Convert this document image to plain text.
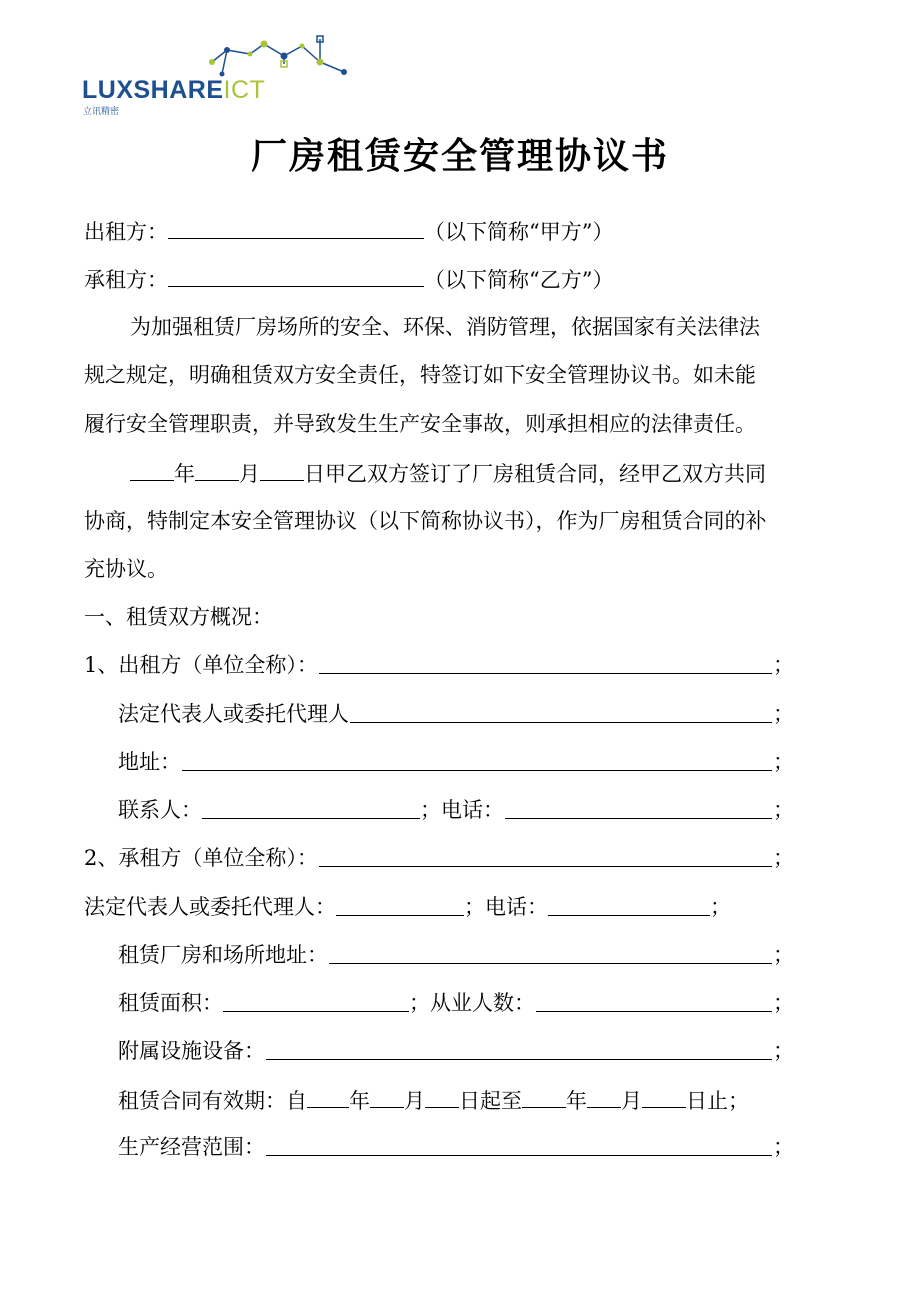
LUXSHAREICT
立讯精密
厂房租赁安全管理协议书
出租方：	（以下简称“甲方”）
承租方：	（以下简称“乙方”）
为加强租赁厂房场所的安全、环保、消防管理，依据国家有关法律法
规之规定，明确租赁双方安全责任，特签订如下安全管理协议书。如未能
履行安全管理职责，并导致发生生产安全事故，则承担相应的法律责任。
年 月 日甲乙双方签订了厂房租赁合同，经甲乙双方共同
协商，特制定本安全管理协议（以下简称协议书），作为厂房租赁合同的补
充协议。
一、租赁双方概况：
1、出租方（单位全称）：	；
法定代表人或委托代理人	；
地址：	；
联系人：	； 电话：	；
2、承租方（单位全称）：	；
法定代表人或委托代理人：	； 电话：	；
租赁厂房和场所地址：	；
租赁面积：	； 从业人数：	；
附属设施设备：	；
租赁合同有效期：自 年 月 日起至 年 月 日止；
生产经营范围：	；
